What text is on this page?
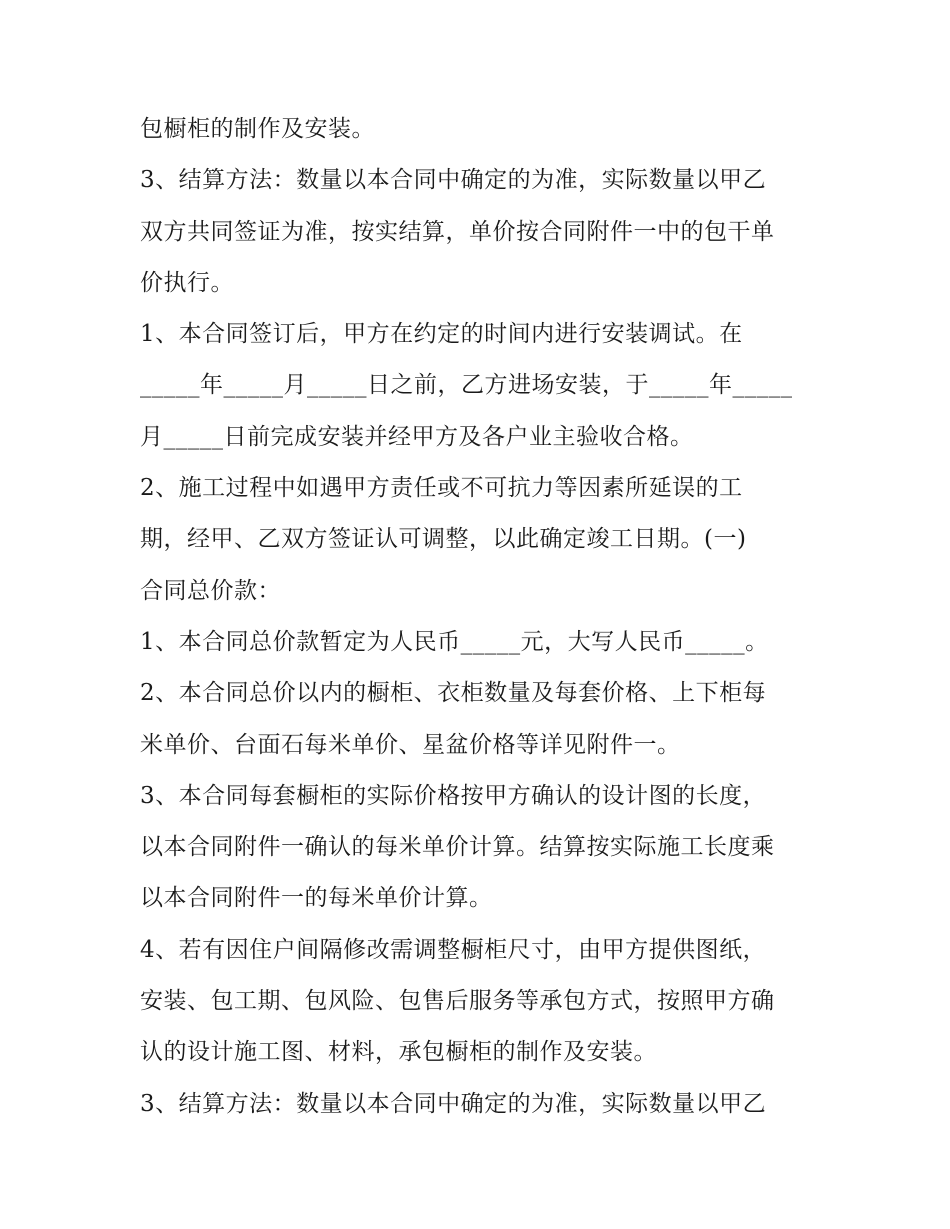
包橱柜的制作及安装。
3、结算方法：数量以本合同中确定的为准，实际数量以甲乙
双方共同签证为准，按实结算，单价按合同附件一中的包干单
价执行。
1、本合同签订后，甲方在约定的时间内进行安装调试。在
_____年_____月_____日之前，乙方进场安装，于_____年_____
月_____日前完成安装并经甲方及各户业主验收合格。
2、施工过程中如遇甲方责任或不可抗力等因素所延误的工
期，经甲、乙双方签证认可调整，以此确定竣工日期。(一)
合同总价款：
1、本合同总价款暂定为人民币_____元，大写人民币_____。
2、本合同总价以内的橱柜、衣柜数量及每套价格、上下柜每
米单价、台面石每米单价、星盆价格等详见附件一。
3、本合同每套橱柜的实际价格按甲方确认的设计图的长度，
以本合同附件一确认的每米单价计算。结算按实际施工长度乘
以本合同附件一的每米单价计算。
4、若有因住户间隔修改需调整橱柜尺寸，由甲方提供图纸，
安装、包工期、包风险、包售后服务等承包方式，按照甲方确
认的设计施工图、材料，承包橱柜的制作及安装。
3、结算方法：数量以本合同中确定的为准，实际数量以甲乙
